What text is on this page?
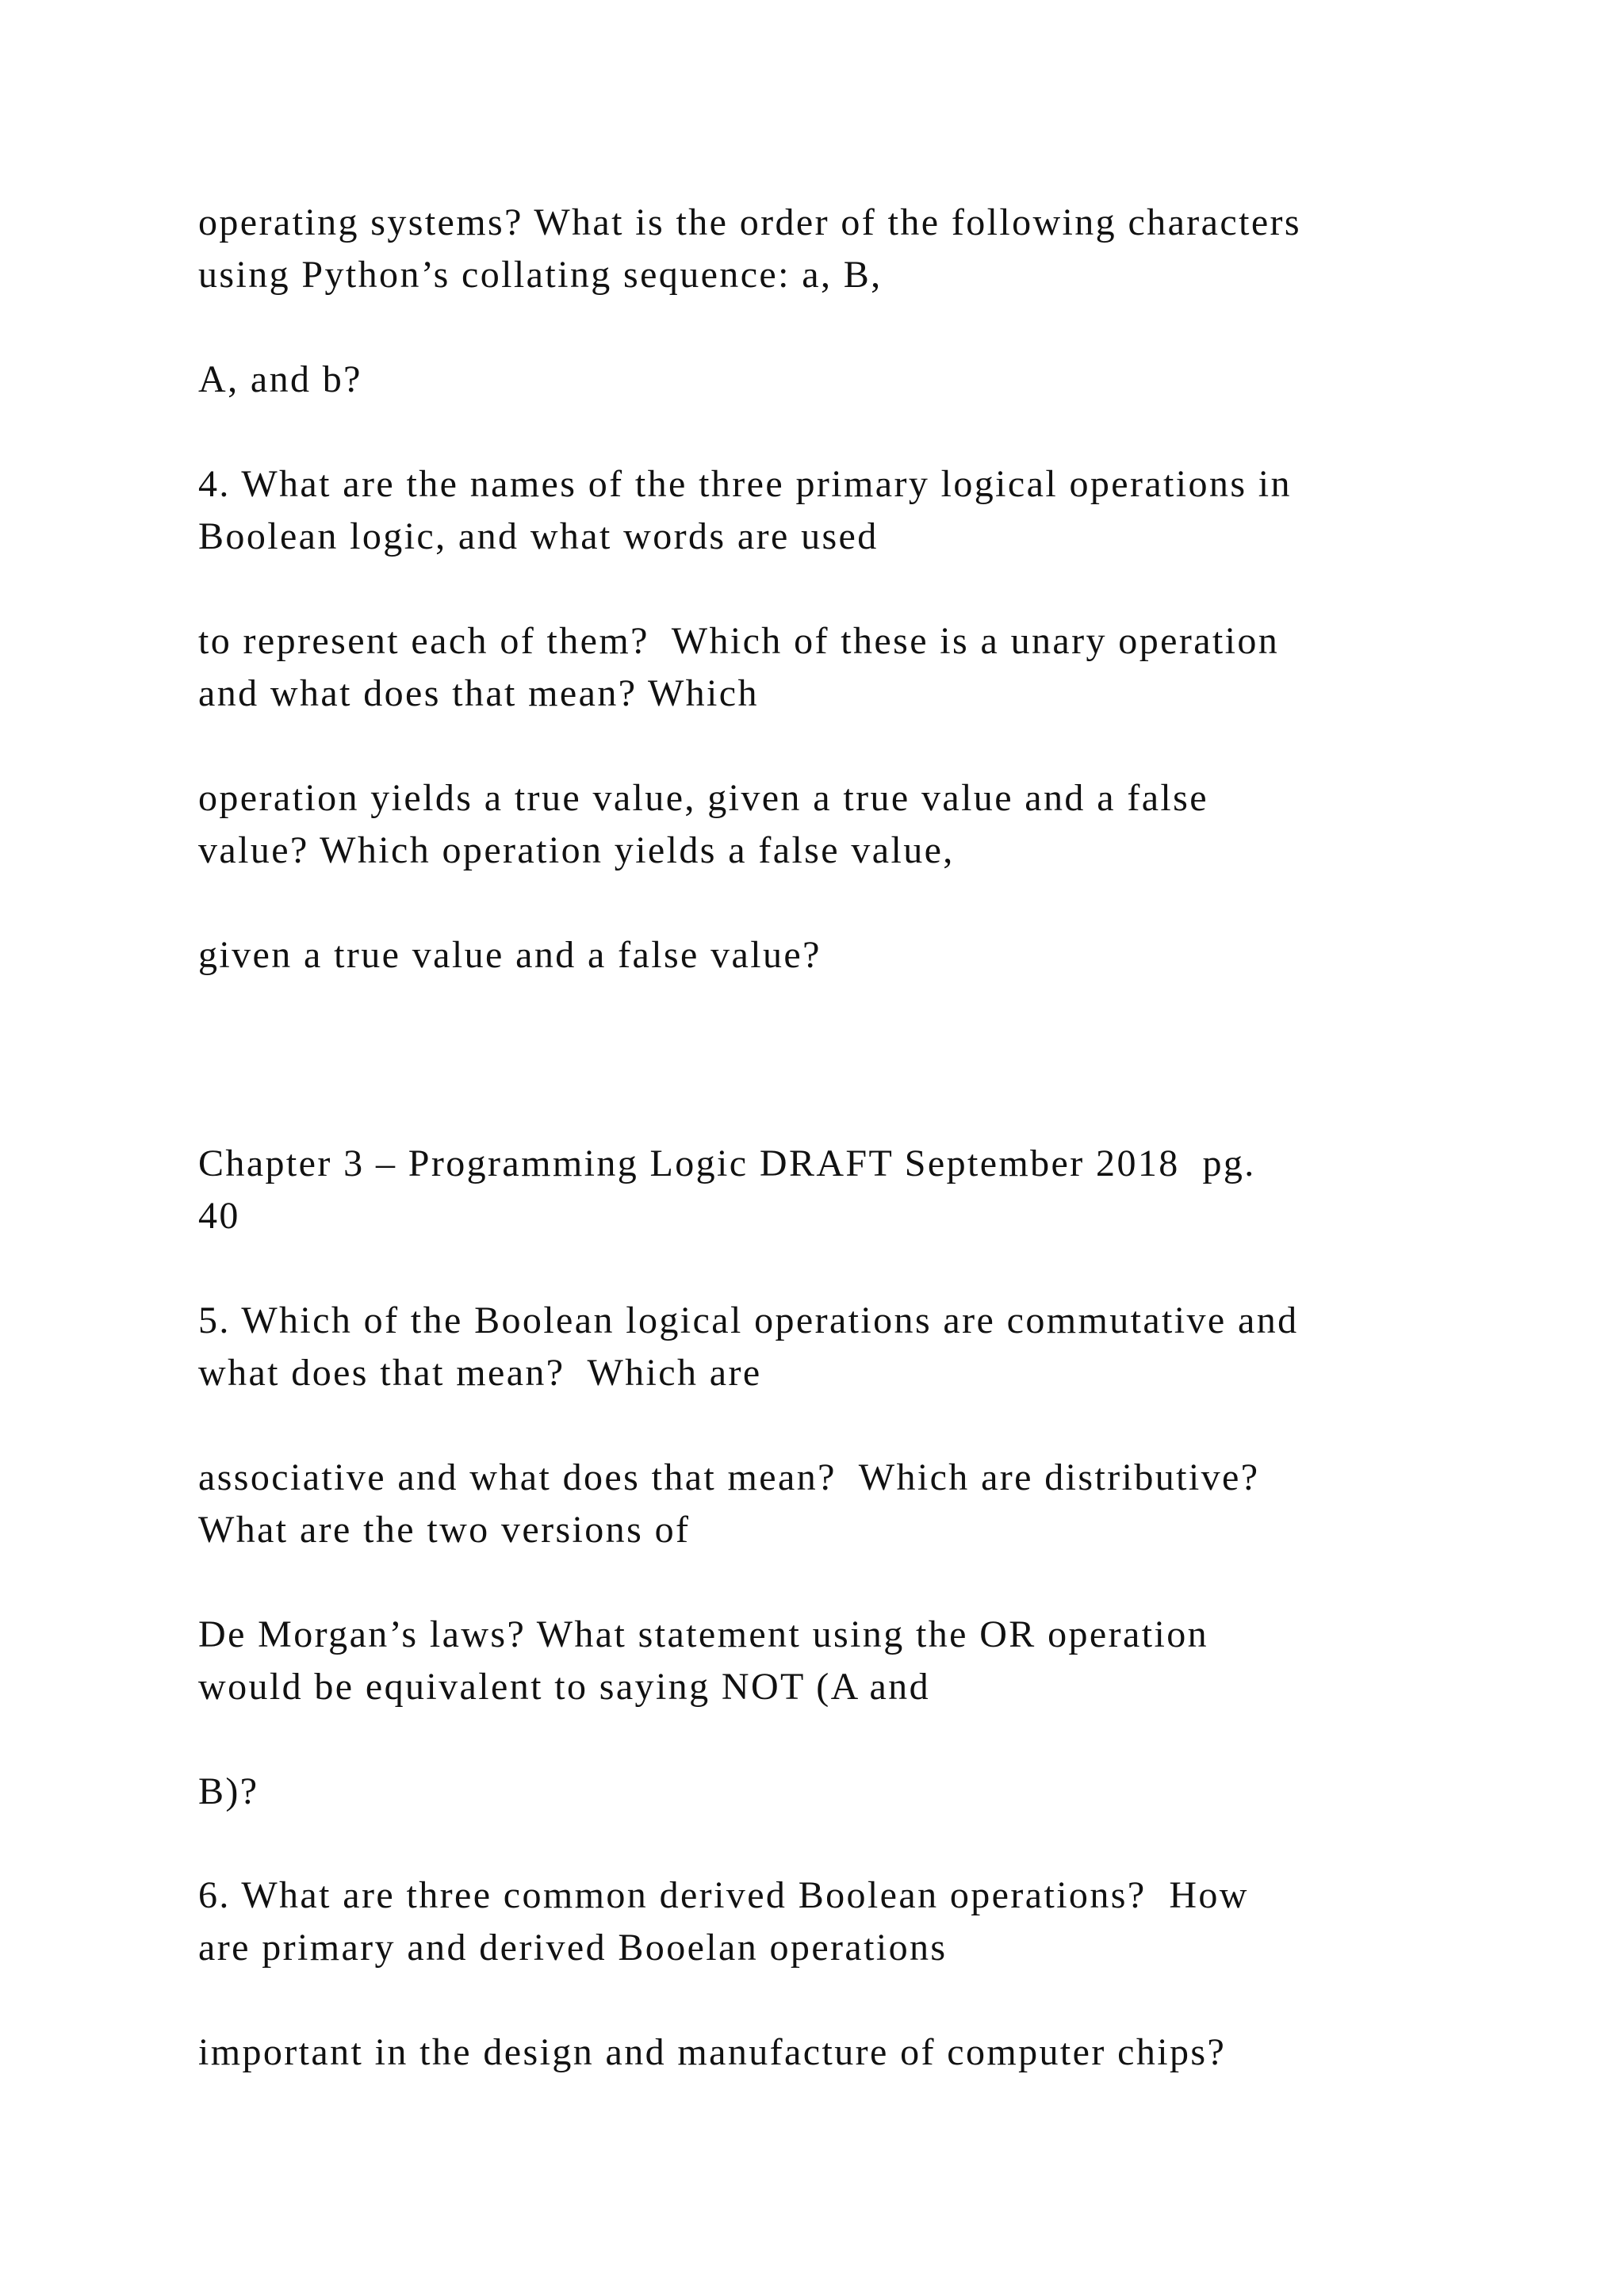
operating systems? What is the order of the following characters
using Python’s collating sequence: a, B,

A, and b?

4. What are the names of the three primary logical operations in
Boolean logic, and what words are used

to represent each of them?  Which of these is a unary operation
and what does that mean? Which

operation yields a true value, given a true value and a false
value? Which operation yields a false value,

given a true value and a false value?

Chapter 3 – Programming Logic DRAFT September 2018  pg.
40

5. Which of the Boolean logical operations are commutative and
what does that mean?  Which are

associative and what does that mean?  Which are distributive?
What are the two versions of

De Morgan’s laws? What statement using the OR operation
would be equivalent to saying NOT (A and

B)?

6. What are three common derived Boolean operations?  How
are primary and derived Booelan operations

important in the design and manufacture of computer chips?
